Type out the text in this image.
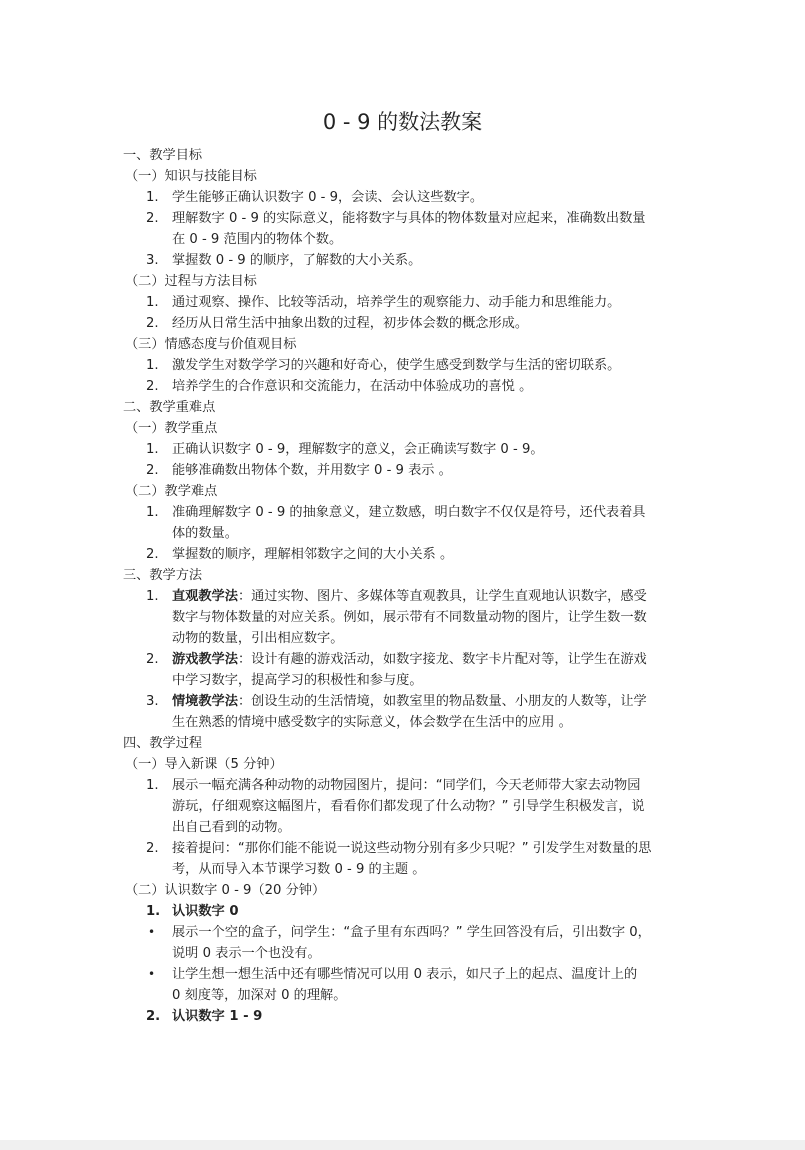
0 - 9 的数法教案
一、教学目标
（一）知识与技能目标
1. 学生能够正确认识数字 0 - 9，会读、会认这些数字。
2. 理解数字 0 - 9 的实际意义，能将数字与具体的物体数量对应起来，准确数出数量
在 0 - 9 范围内的物体个数。
3. 掌握数 0 - 9 的顺序，了解数的大小关系。
（二）过程与方法目标
1. 通过观察、操作、比较等活动，培养学生的观察能力、动手能力和思维能力。
2. 经历从日常生活中抽象出数的过程，初步体会数的概念形成。
（三）情感态度与价值观目标
1. 激发学生对数学学习的兴趣和好奇心，使学生感受到数学与生活的密切联系。
2. 培养学生的合作意识和交流能力，在活动中体验成功的喜悦 。
二、教学重难点
（一）教学重点
1. 正确认识数字 0 - 9，理解数字的意义，会正确读写数字 0 - 9。
2. 能够准确数出物体个数，并用数字 0 - 9 表示 。
（二）教学难点
1. 准确理解数字 0 - 9 的抽象意义，建立数感，明白数字不仅仅是符号，还代表着具
体的数量。
2. 掌握数的顺序，理解相邻数字之间的大小关系 。
三、教学方法
1. 直观教学法：通过实物、图片、多媒体等直观教具，让学生直观地认识数字，感受
数字与物体数量的对应关系。例如，展示带有不同数量动物的图片，让学生数一数
动物的数量，引出相应数字。
2. 游戏教学法：设计有趣的游戏活动，如数字接龙、数字卡片配对等，让学生在游戏
中学习数字，提高学习的积极性和参与度。
3. 情境教学法：创设生动的生活情境，如教室里的物品数量、小朋友的人数等，让学
生在熟悉的情境中感受数字的实际意义，体会数学在生活中的应用 。
四、教学过程
（一）导入新课（5 分钟）
1. 展示一幅充满各种动物的动物园图片，提问：“同学们，今天老师带大家去动物园
游玩，仔细观察这幅图片，看看你们都发现了什么动物？” 引导学生积极发言，说
出自己看到的动物。
2. 接着提问：“那你们能不能说一说这些动物分别有多少只呢？” 引发学生对数量的思
考，从而导入本节课学习数 0 - 9 的主题 。
（二）认识数字 0 - 9（20 分钟）
1. 认识数字 0
• 展示一个空的盒子，问学生：“盒子里有东西吗？” 学生回答没有后，引出数字 0，
说明 0 表示一个也没有。
• 让学生想一想生活中还有哪些情况可以用 0 表示，如尺子上的起点、温度计上的
0 刻度等，加深对 0 的理解。
2. 认识数字 1 - 9
